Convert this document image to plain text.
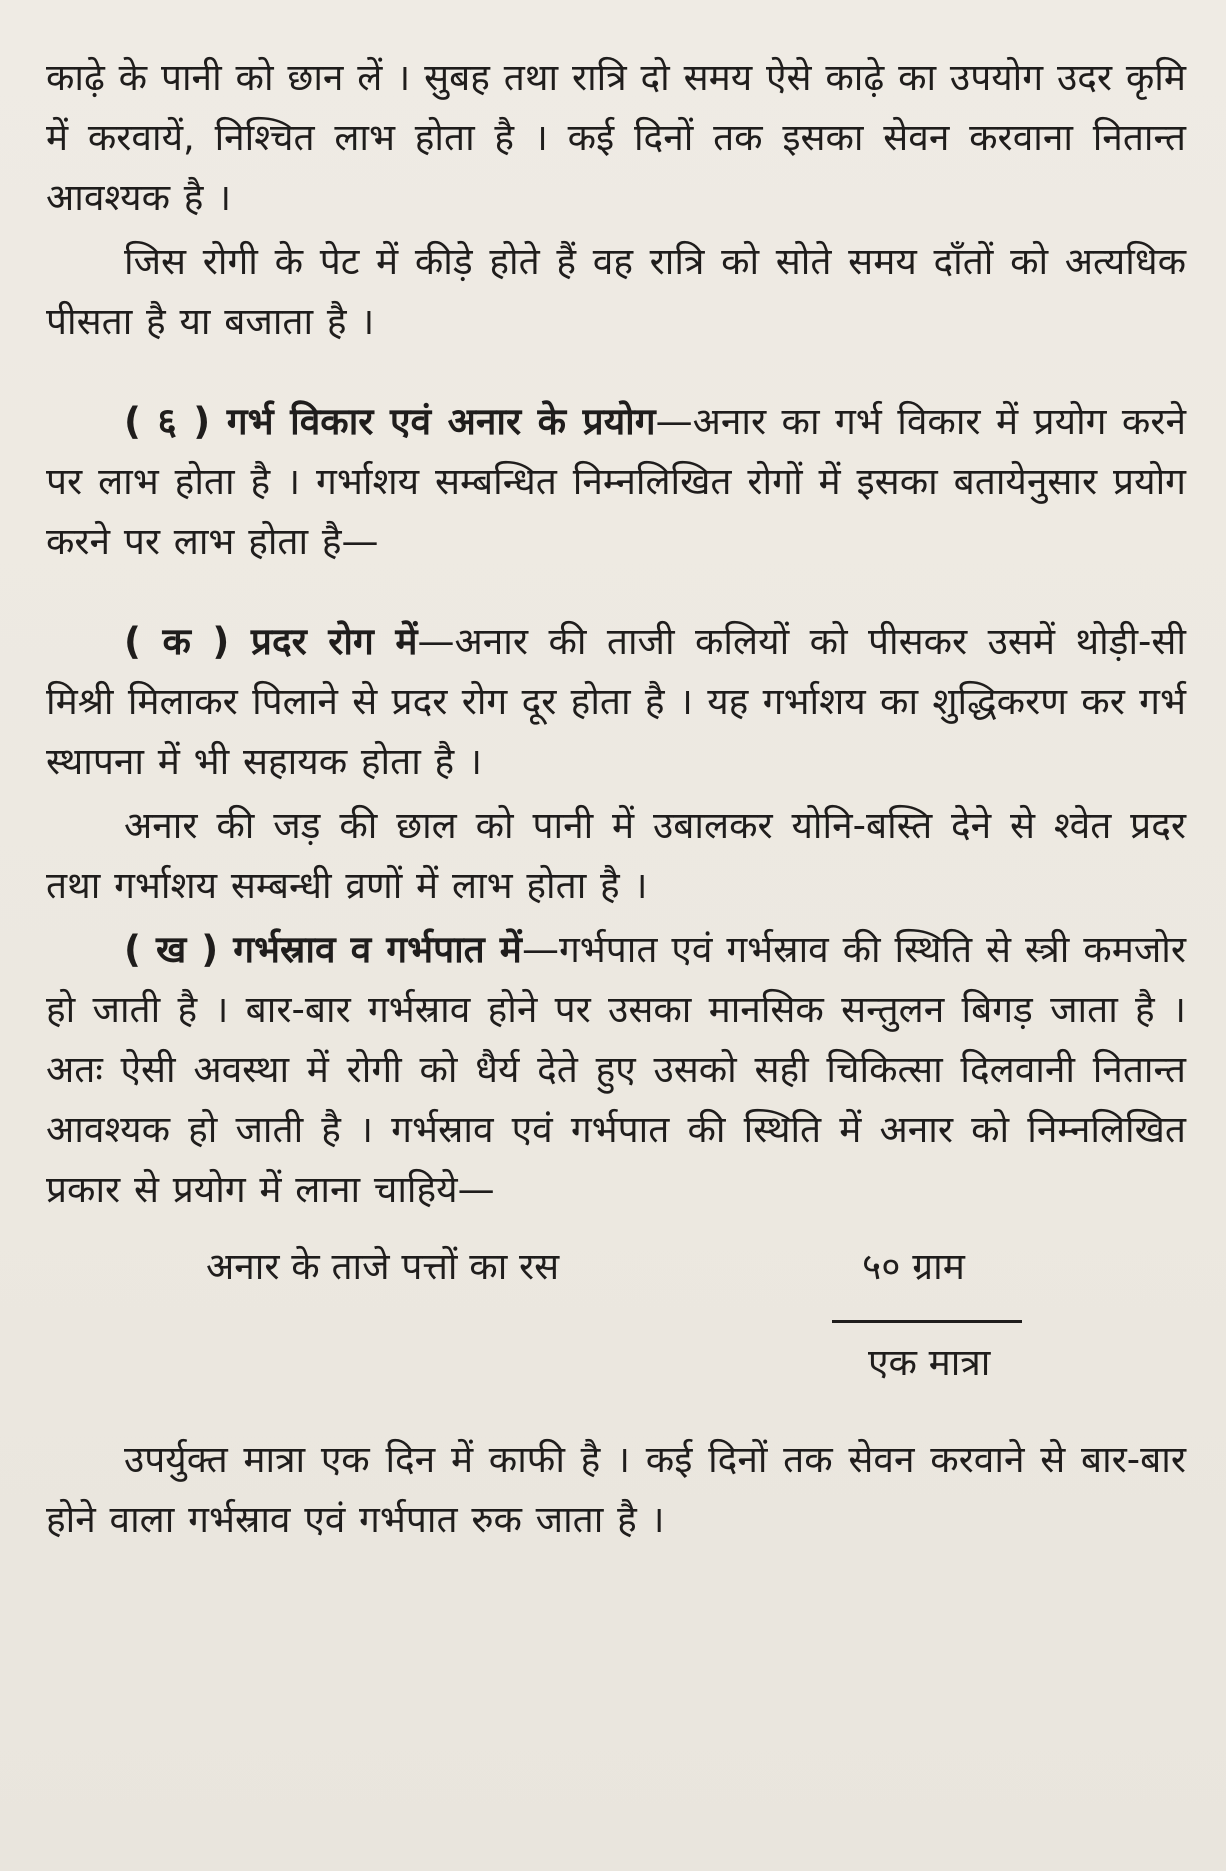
काढ़े के पानी को छान लें । सुबह तथा रात्रि दो समय ऐसे काढ़े का उपयोग उदर कृमि में करवायें, निश्चित लाभ होता है । कई दिनों तक इसका सेवन करवाना नितान्त आवश्यक है ।

जिस रोगी के पेट में कीड़े होते हैं वह रात्रि को सोते समय दाँतों को अत्यधिक पीसता है या बजाता है ।

( ६ ) गर्भ विकार एवं अनार के प्रयोग—अनार का गर्भ विकार में प्रयोग करने पर लाभ होता है । गर्भाशय सम्बन्धित निम्नलिखित रोगों में इसका बतायेनुसार प्रयोग करने पर लाभ होता है—

( क ) प्रदर रोग में—अनार की ताजी कलियों को पीसकर उसमें थोड़ी-सी मिश्री मिलाकर पिलाने से प्रदर रोग दूर होता है । यह गर्भाशय का शुद्धिकरण कर गर्भ स्थापना में भी सहायक होता है ।

अनार की जड़ की छाल को पानी में उबालकर योनि-बस्ति देने से श्वेत प्रदर तथा गर्भाशय सम्बन्धी व्रणों में लाभ होता है ।

( ख ) गर्भस्राव व गर्भपात में—गर्भपात एवं गर्भस्राव की स्थिति से स्त्री कमजोर हो जाती है । बार-बार गर्भस्राव होने पर उसका मानसिक सन्तुलन बिगड़ जाता है । अतः ऐसी अवस्था में रोगी को धैर्य देते हुए उसको सही चिकित्सा दिलवानी नितान्त आवश्यक हो जाती है । गर्भस्राव एवं गर्भपात की स्थिति में अनार को निम्नलिखित प्रकार से प्रयोग में लाना चाहिये—

अनार के ताजे पत्तों का रस	५० ग्राम
एक मात्रा

उपर्युक्त मात्रा एक दिन में काफी है । कई दिनों तक सेवन करवाने से बार-बार होने वाला गर्भस्राव एवं गर्भपात रुक जाता है ।
